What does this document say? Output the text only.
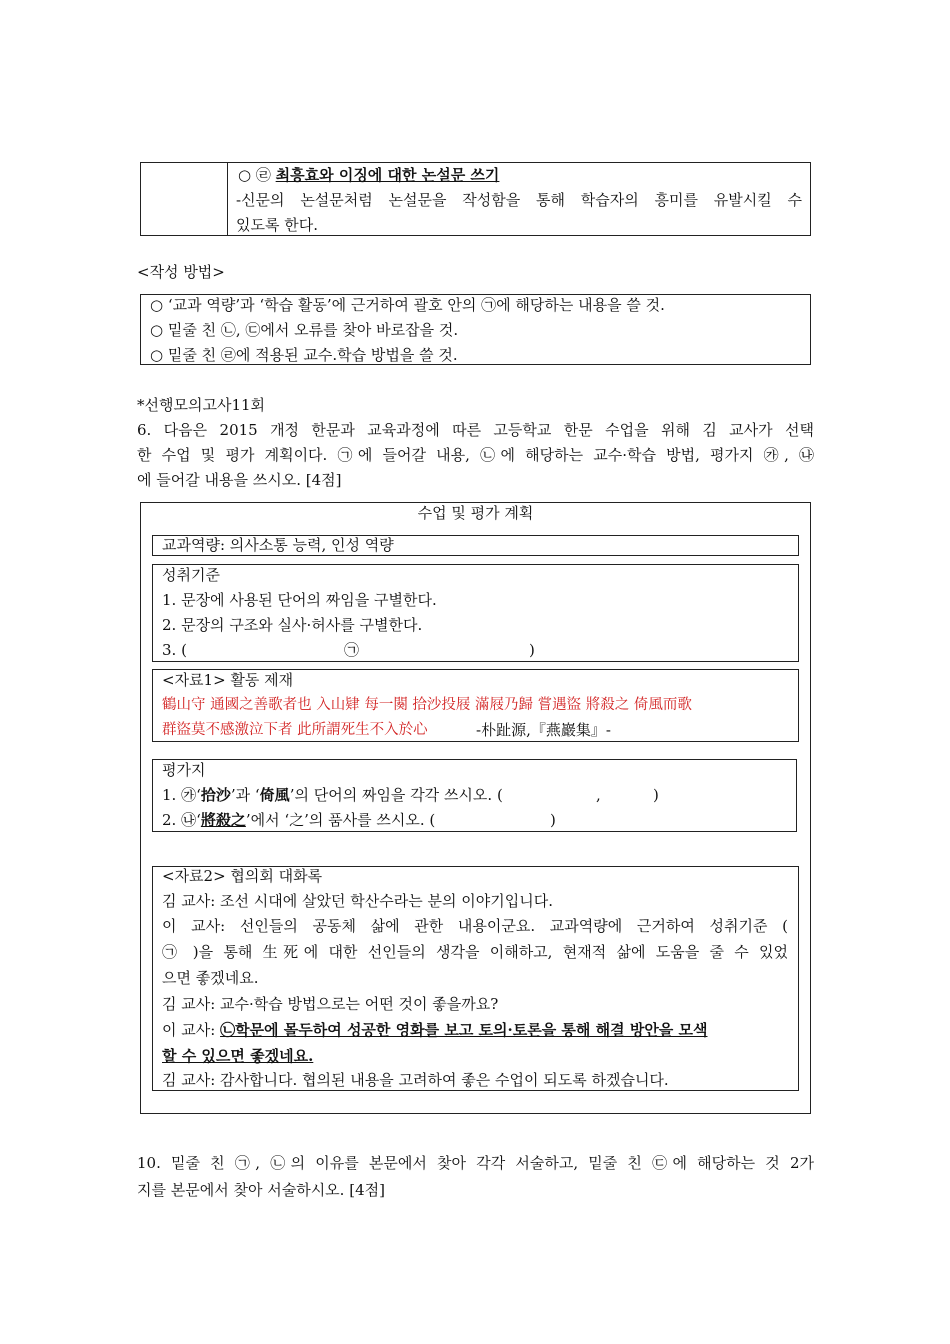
○ ㉣ 최흥효와 이징에 대한 논설문 쓰기
-신문의 논설문처럼 논설문을 작성함을 통해 학습자의 흥미를 유발시킬 수
있도록 한다.
<작성 방법>
○ ‘교과 역량’과 ‘학습 활동’에 근거하여 괄호 안의 ㉠에 해당하는 내용을 쓸 것.
○ 밑줄 친 ㉡, ㉢에서 오류를 찾아 바로잡을 것.
○ 밑줄 친 ㉣에 적용된 교수.학습 방법을 쓸 것.
*선행모의고사11회
6. 다음은 2015 개정 한문과 교육과정에 따른 고등학교 한문 수업을 위해 김 교사가 선택
한 수업 및 평가 계획이다. ㉠에 들어갈 내용, ㉡에 해당하는 교수·학습 방법, 평가지 ㉮, ㉯
에 들어갈 내용을 쓰시오. [4점]
수업 및 평가 계획
교과역량: 의사소통 능력, 인성 역량
성취기준
1. 문장에 사용된 단어의 짜임을 구별한다.
2. 문장의 구조와 실사·허사를 구별한다.
3. (	㉠	)
<자료1> 활동 제재
鶴山守 通國之善歌者也 入山肄 每一闋 拾沙投屐 滿屐乃歸 嘗遇盜 將殺之 倚風而歌
群盜莫不感激泣下者 此所謂死生不入於心	-朴趾源,『燕巖集』-
평가지
1. ㉮‘拾沙’과 ‘倚風’의 단어의 짜임을 각각 쓰시오. (	,	)
2. ㉯‘將殺之’에서 ‘之’의 품사를 쓰시오. (	)
<자료2> 협의회 대화록
김 교사: 조선 시대에 살았던 학산수라는 분의 이야기입니다.
이 교사: 선인들의 공동체 삶에 관한 내용이군요. 교과역량에 근거하여 성취기준 (
㉠ )을 통해 生死에 대한 선인들의 생각을 이해하고, 현재적 삶에 도움을 줄 수 있었
으면 좋겠네요.
김 교사: 교수·학습 방법으로는 어떤 것이 좋을까요?
이 교사: ㉡학문에 몰두하여 성공한 영화를 보고 토의·토론을 통해 해결 방안을 모색
할 수 있으면 좋겠네요.
김 교사: 감사합니다. 협의된 내용을 고려하여 좋은 수업이 되도록 하겠습니다.
10. 밑줄 친 ㉠, ㉡의 이유를 본문에서 찾아 각각 서술하고, 밑줄 친 ㉢에 해당하는 것 2가
지를 본문에서 찾아 서술하시오. [4점]
